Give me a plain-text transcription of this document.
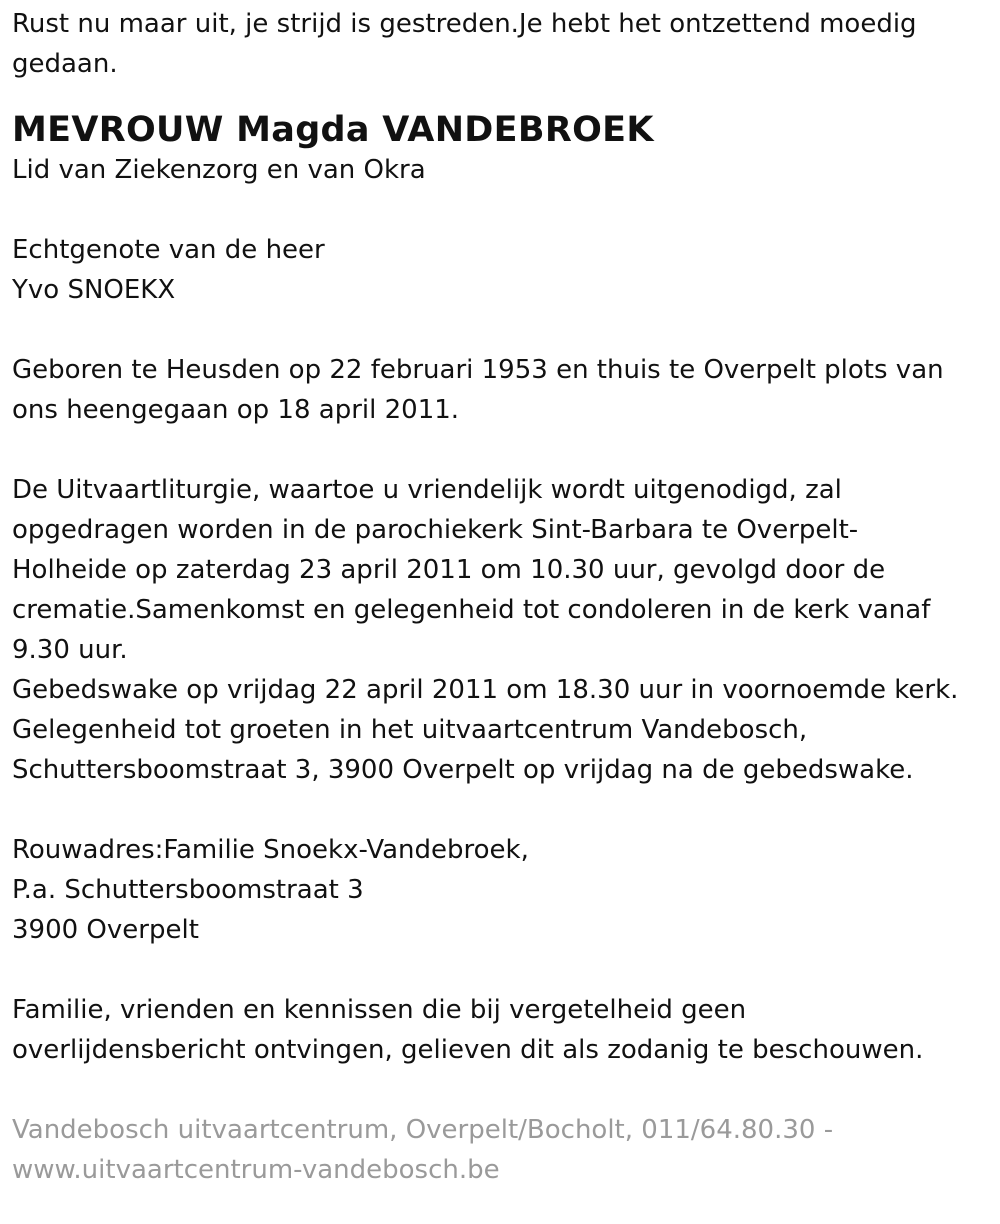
Rust nu maar uit, je strijd is gestreden.Je hebt het ontzettend moedig
gedaan.
MEVROUW Magda VANDEBROEK
Lid van Ziekenzorg en van Okra
Echtgenote van de heer
Yvo SNOEKX
Geboren te Heusden op 22 februari 1953 en thuis te Overpelt plots van
ons heengegaan op 18 april 2011.
De Uitvaartliturgie, waartoe u vriendelijk wordt uitgenodigd, zal
opgedragen worden in de parochiekerk Sint-Barbara te Overpelt-
Holheide op zaterdag 23 april 2011 om 10.30 uur, gevolgd door de
crematie.Samenkomst en gelegenheid tot condoleren in de kerk vanaf
9.30 uur.
Gebedswake op vrijdag 22 april 2011 om 18.30 uur in voornoemde kerk.
Gelegenheid tot groeten in het uitvaartcentrum Vandebosch,
Schuttersboomstraat 3, 3900 Overpelt op vrijdag na de gebedswake.
Rouwadres:Familie Snoekx-Vandebroek,
P.a. Schuttersboomstraat 3
3900 Overpelt
Familie, vrienden en kennissen die bij vergetelheid geen
overlijdensbericht ontvingen, gelieven dit als zodanig te beschouwen.
Vandebosch uitvaartcentrum, Overpelt/Bocholt, 011/64.80.30 -
www.uitvaartcentrum-vandebosch.be
